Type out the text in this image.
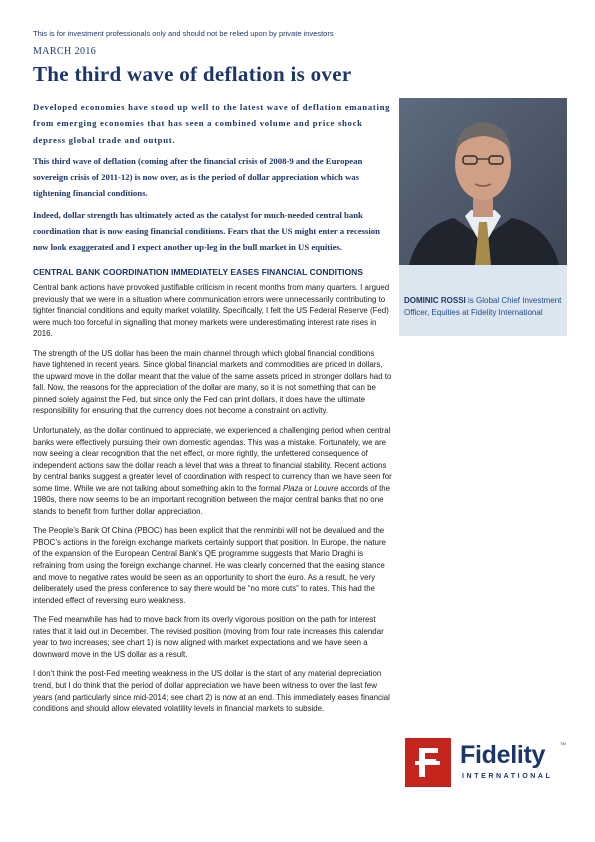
This is for investment professionals only and should not be relied upon by private investors
MARCH 2016
The third wave of deflation is over

Developed economies have stood up well to the latest wave of deflation emanating from emerging economies that has seen a combined volume and price shock depress global trade and output.

This third wave of deflation (coming after the financial crisis of 2008-9 and the European sovereign crisis of 2011-12) is now over, as is the period of dollar appreciation which was tightening financial conditions.

Indeed, dollar strength has ultimately acted as the catalyst for much-needed central bank coordination that is now easing financial conditions. Fears that the US might enter a recession now look exaggerated and I expect another up-leg in the bull market in US equities.

DOMINIC ROSSI is Global Chief Investment Officer, Equities at Fidelity International
CENTRAL BANK COORDINATION IMMEDIATELY EASES FINANCIAL CONDITIONS

Central bank actions have provoked justifiable criticism in recent months from many quarters. I argued previously that we were in a situation where communication errors were unnecessarily contributing to tighter financial conditions and equity market volatility. Specifically, I felt the US Federal Reserve (Fed) were much too forceful in signalling that money markets were underestimating interest rate rises in 2016.

The strength of the US dollar has been the main channel through which global financial conditions have tightened in recent years. Since global financial markets and commodities are priced in dollars, the upward move in the dollar meant that the value of the same assets priced in stronger dollars had to fall. Now, the reasons for the appreciation of the dollar are many, so it is not something that can be pinned solely against the Fed, but since only the Fed can print dollars, it does have the ultimate responsibility for ensuring that the currency does not become a constraint on activity.

Unfortunately, as the dollar continued to appreciate, we experienced a challenging period when central banks were effectively pursuing their own domestic agendas. This was a mistake. Fortunately, we are now seeing a clear recognition that the net effect, or more rightly, the unfettered consequence of independent actions saw the dollar reach a level that was a threat to financial stability. Recent actions by central banks suggest a greater level of coordination with respect to currency than we have seen for some time. While we are not talking about something akin to the formal Plaza or Louvre accords of the 1980s, there now seems to be an important recognition between the major central banks that no one stands to benefit from further dollar appreciation.

The People’s Bank Of China (PBOC) has been explicit that the renminbi will not be devalued and the PBOC’s actions in the foreign exchange markets certainly support that position. In Europe, the nature of the expansion of the European Central Bank’s QE programme suggests that Mario Draghi is refraining from using the foreign exchange channel. He was clearly concerned that the easing stance and move to negative rates would be seen as an opportunity to short the euro. As a result, he very deliberately used the press conference to say there would be “no more cuts” to rates. This had the intended effect of reversing euro weakness.

The Fed meanwhile has had to move back from its overly vigorous position on the path for interest rates that it laid out in December. The revised position (moving from four rate increases this calendar year to two increases; see chart 1) is now aligned with market expectations and we have seen a downward move in the US dollar as a result.

I don’t think the post-Fed meeting weakness in the US dollar is the start of any material depreciation trend, but I do think that the period of dollar appreciation we have been witness to over the last few years (and particularly since mid-2014; see chart 2) is now at an end. This immediately eases financial conditions and should allow elevated volatility levels in financial markets to subside.

Fidelity	TM
INTERNATIONAL
